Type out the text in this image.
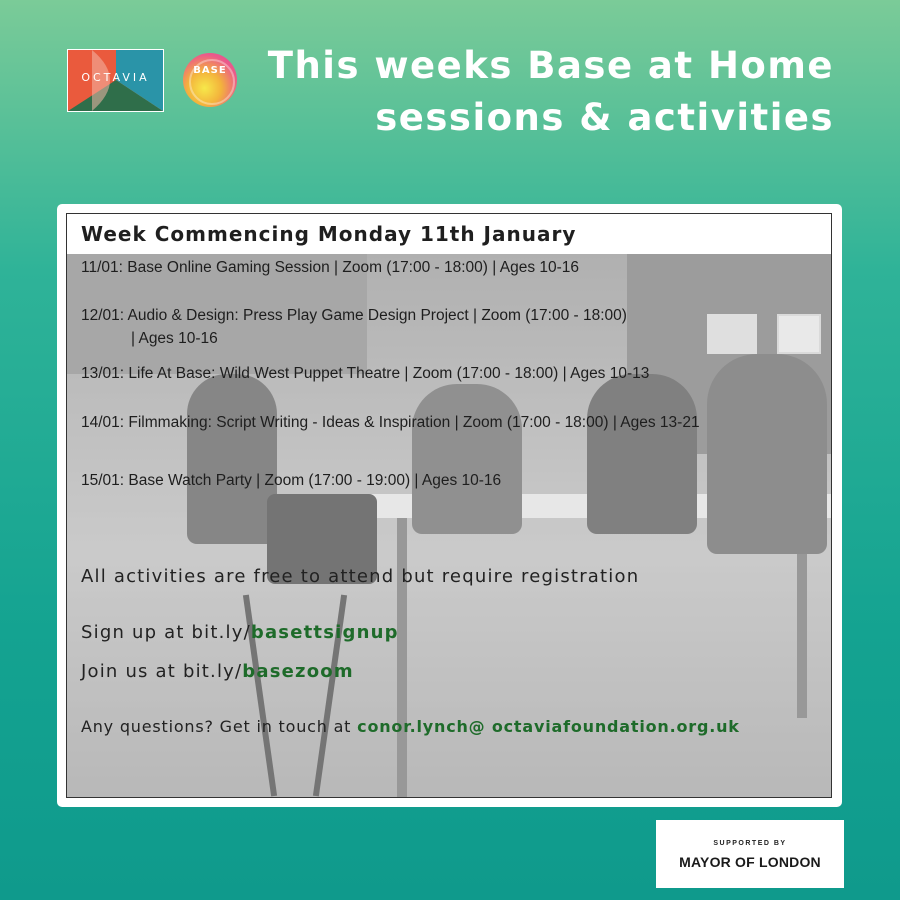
OCTAVIA
BASE This weeks Base at Home
sessions & activities
Week Commencing Monday 11th January
11/01: Base Online Gaming Session | Zoom (17:00 - 18:00) | Ages 10-16
12/01: Audio & Design: Press Play Game Design Project | Zoom (17:00 - 18:00)
| Ages 10-16
13/01: Life At Base: Wild West Puppet Theatre | Zoom (17:00 - 18:00) | Ages 10-13
14/01: Filmmaking: Script Writing - Ideas & Inspiration | Zoom (17:00 - 18:00) | Ages 13-21
15/01: Base Watch Party | Zoom (17:00 - 19:00) | Ages 10-16
All activities are free to attend but require registration
Sign up at bit.ly/basettsignup
Join us at bit.ly/basezoom
Any questions? Get in touch at conor.lynch@ octaviafoundation.org.uk
SUPPORTED BY
MAYOR OF LONDON
